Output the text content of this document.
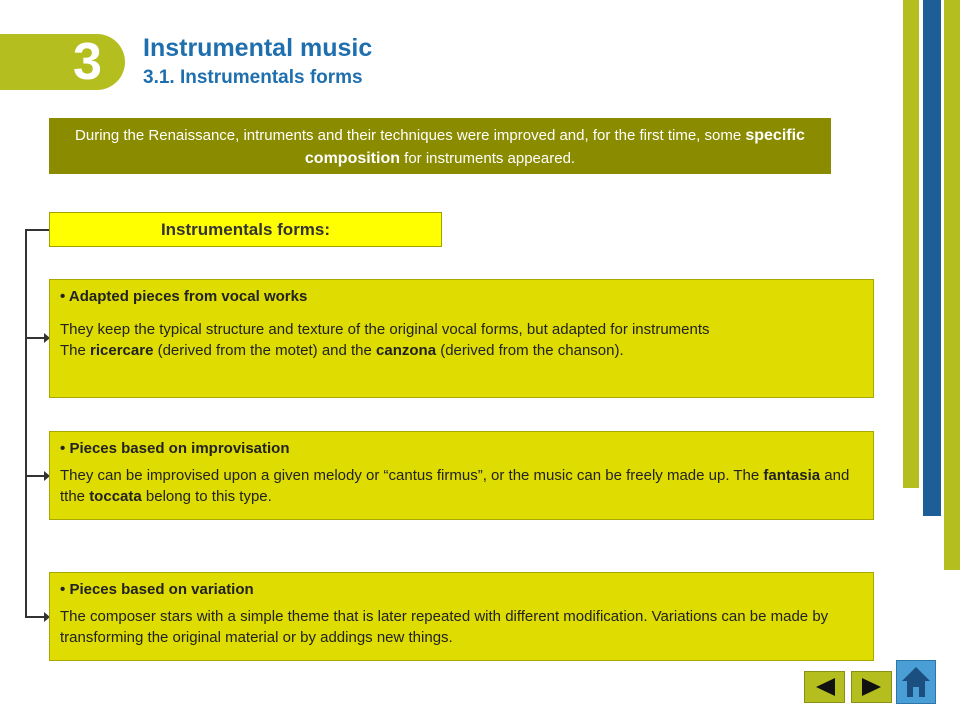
3	Instrumental music
3.1. Instrumentals forms
During the Renaissance, intruments and their techniques were improved and, for the first time, some specific composition for instruments appeared.
Instrumentals forms:

• Adapted pieces from vocal works

They keep the typical structure and texture of the original vocal forms, but adapted for instruments

The ricercare (derived from the motet) and the canzona (derived from the chanson).

• Pieces based on improvisation

They can be improvised upon a given melody or “cantus firmus”, or the music can be freely made up. The fantasia and tthe toccata belong to this type.

• Pieces based on variation

The composer stars with a simple theme that is later repeated with different modification. Variations can be made by transforming the original material or by addings new things.
